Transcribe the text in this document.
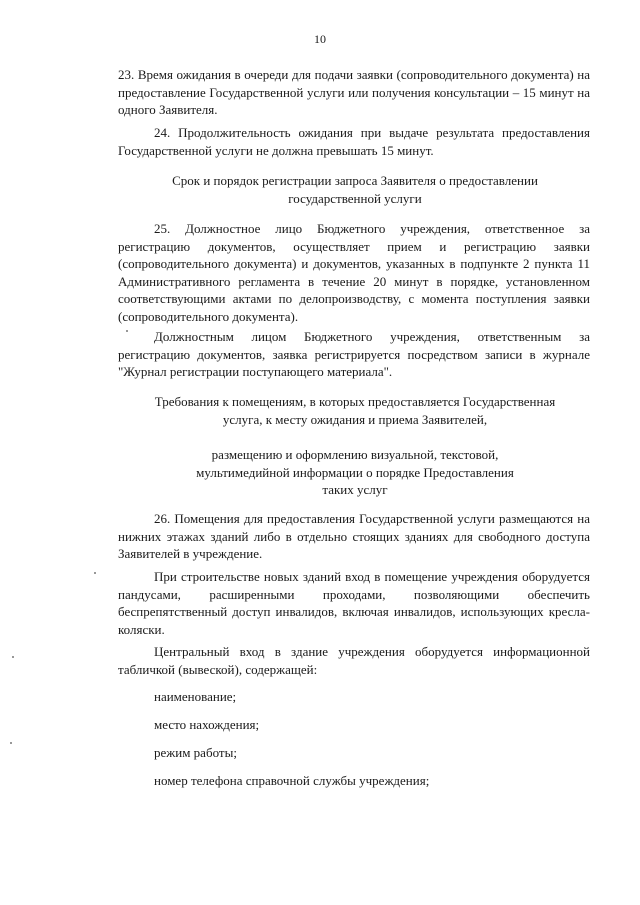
10

23. Время ожидания в очереди для подачи заявки (сопроводительного документа) на предоставление Государственной услуги или получения консультации – 15 минут на одного Заявителя.

24. Продолжительность ожидания при выдаче результата предоставления Государственной услуги не должна превышать 15 минут.

Срок и порядок регистрации запроса Заявителя о предоставлении государственной услуги

25. Должностное лицо Бюджетного учреждения, ответственное за регистрацию документов, осуществляет прием и регистрацию заявки (сопроводительного документа) и документов, указанных в подпункте 2 пункта 11 Административного регламента в течение 20 минут в порядке, установленном соответствующими актами по делопроизводству, с момента поступления заявки (сопроводительного документа).

Должностным лицом Бюджетного учреждения, ответственным за регистрацию документов, заявка регистрируется посредством записи в журнале "Журнал регистрации поступающего материала".

Требования к помещениям, в которых предоставляется Государственная услуга, к месту ожидания и приема Заявителей,

размещению и оформлению визуальной, текстовой, мультимедийной информации о порядке Предоставления таких услуг

26. Помещения для предоставления Государственной услуги размещаются на нижних этажах зданий либо в отдельно стоящих зданиях для свободного доступа Заявителей в учреждение.

При строительстве новых зданий вход в помещение учреждения оборудуется пандусами, расширенными проходами, позволяющими обеспечить беспрепятственный доступ инвалидов, включая инвалидов, использующих кресла-коляски.

Центральный вход в здание учреждения оборудуется информационной табличкой (вывеской), содержащей:

наименование;
место нахождения;
режим работы;
номер телефона справочной службы учреждения;
